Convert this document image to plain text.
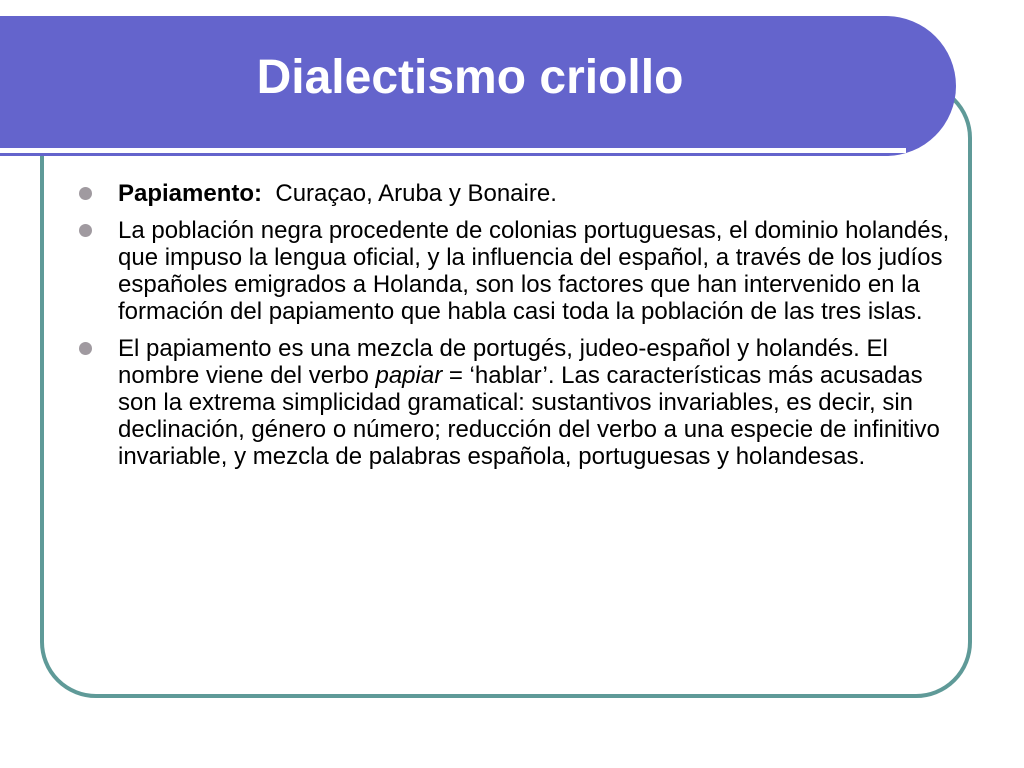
Dialectismo criollo
Papiamento: Curaçao, Aruba y Bonaire.
La población negra procedente de colonias portuguesas, el dominio holandés, que impuso la lengua oficial, y la influencia del español, a través de los judíos españoles emigrados a Holanda, son los factores que han intervenido en la formación del papiamento que habla casi toda la población de las tres islas.
El papiamento es una mezcla de portugés, judeo-español y holandés. El nombre viene del verbo papiar = ‘hablar’. Las características más acusadas son la extrema simplicidad gramatical: sustantivos invariables, es decir, sin declinación, género o número; reducción del verbo a una especie de infinitivo invariable, y mezcla de palabras española, portuguesas y holandesas.
